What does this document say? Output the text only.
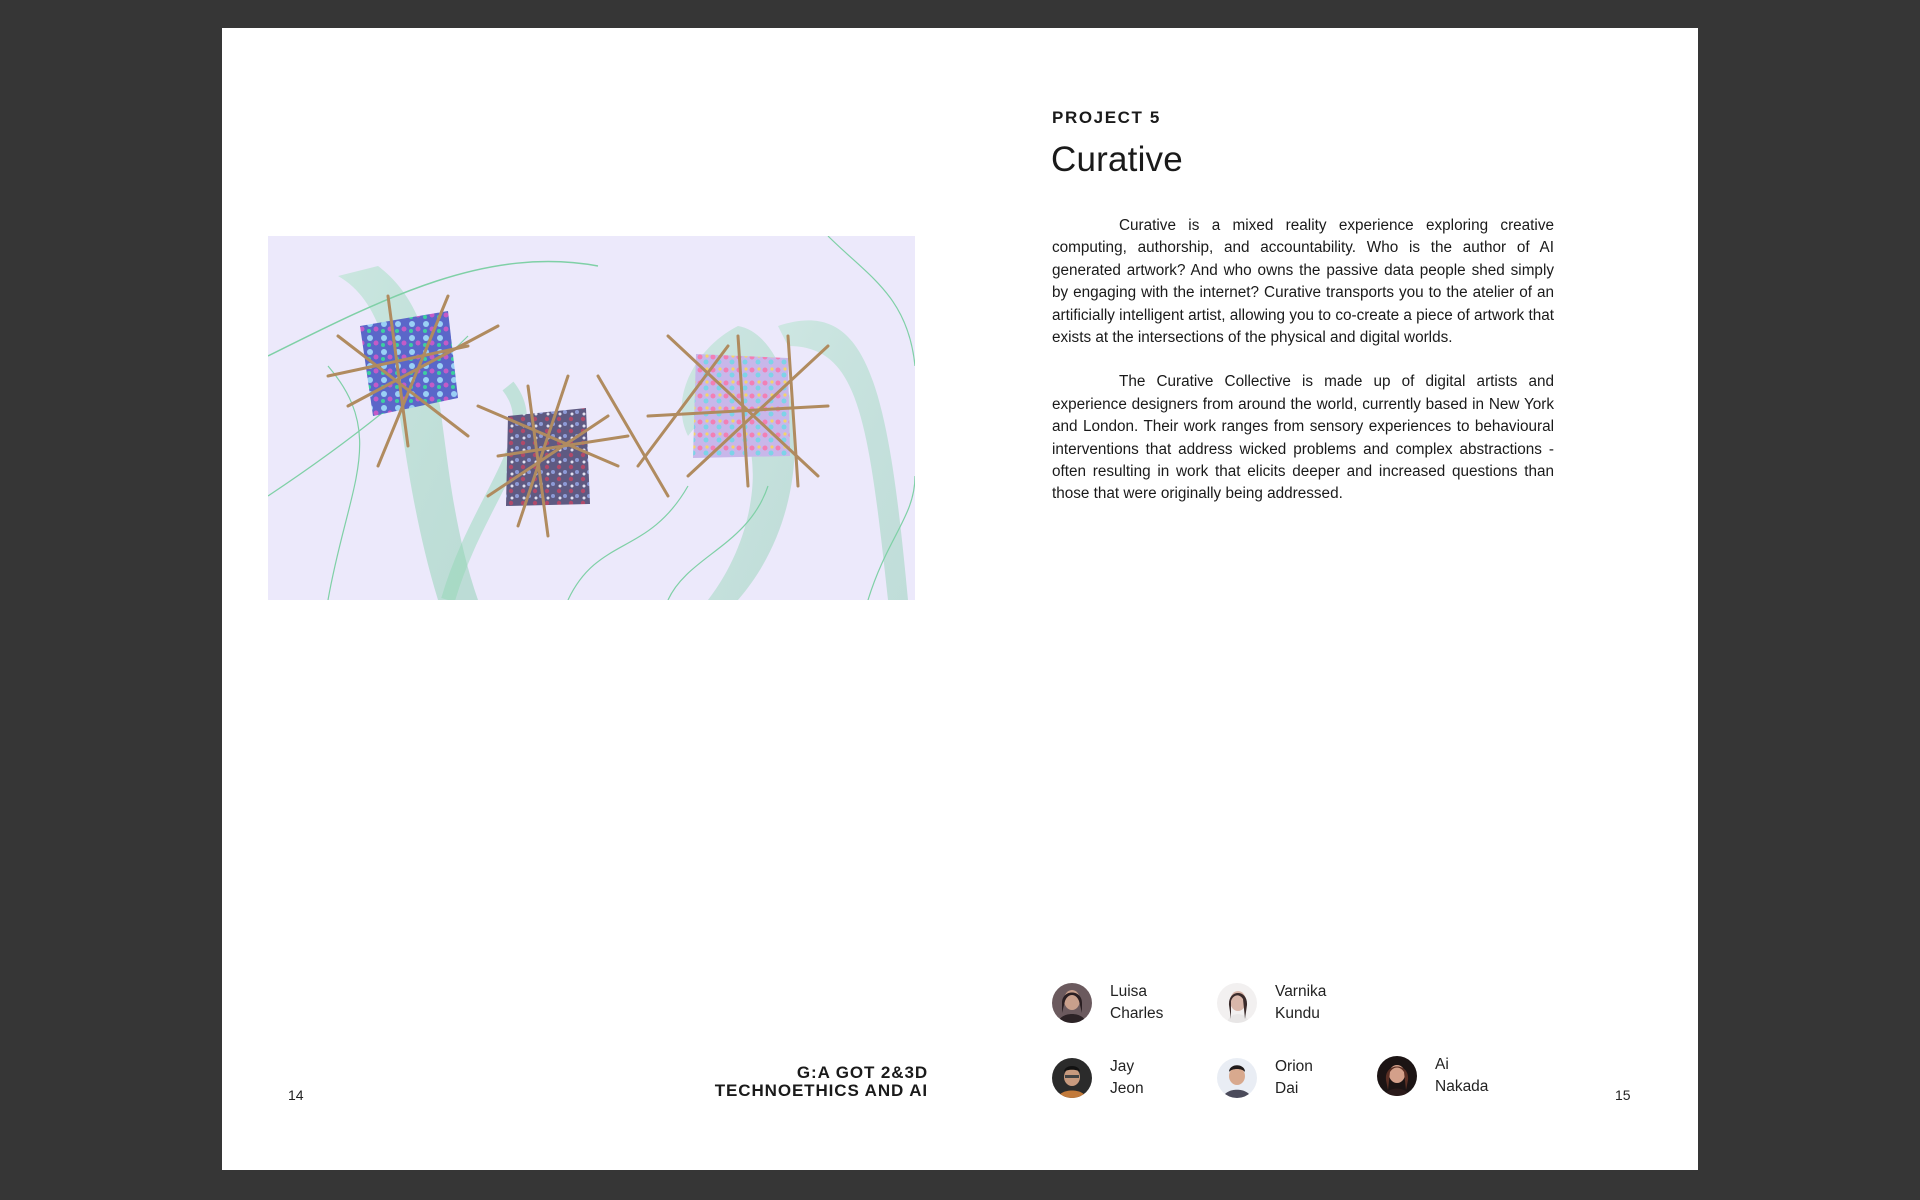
14
G:A GOT 2&3D
TECHNOETHICS AND AI
PROJECT 5
Curative

Curative is a mixed reality experience exploring creative computing, authorship, and accountability. Who is the author of AI generated artwork? And who owns the passive data people shed simply by engaging with the internet? Curative transports you to the atelier of an artificially intelligent artist, allowing you to co-create a piece of artwork that exists at the intersections of the physical and digital worlds.

The Curative Collective is made up of digital artists and experience designers from around the world, currently based in New York and London. Their work ranges from sensory experiences to behavioural interventions that address wicked problems and complex abstractions - often resulting in work that elicits deeper and increased questions than those that were originally being addressed.

Luisa
Charles
Varnika
Kundu
Jay
Jeon
Orion
Dai
Ai
Nakada	15
